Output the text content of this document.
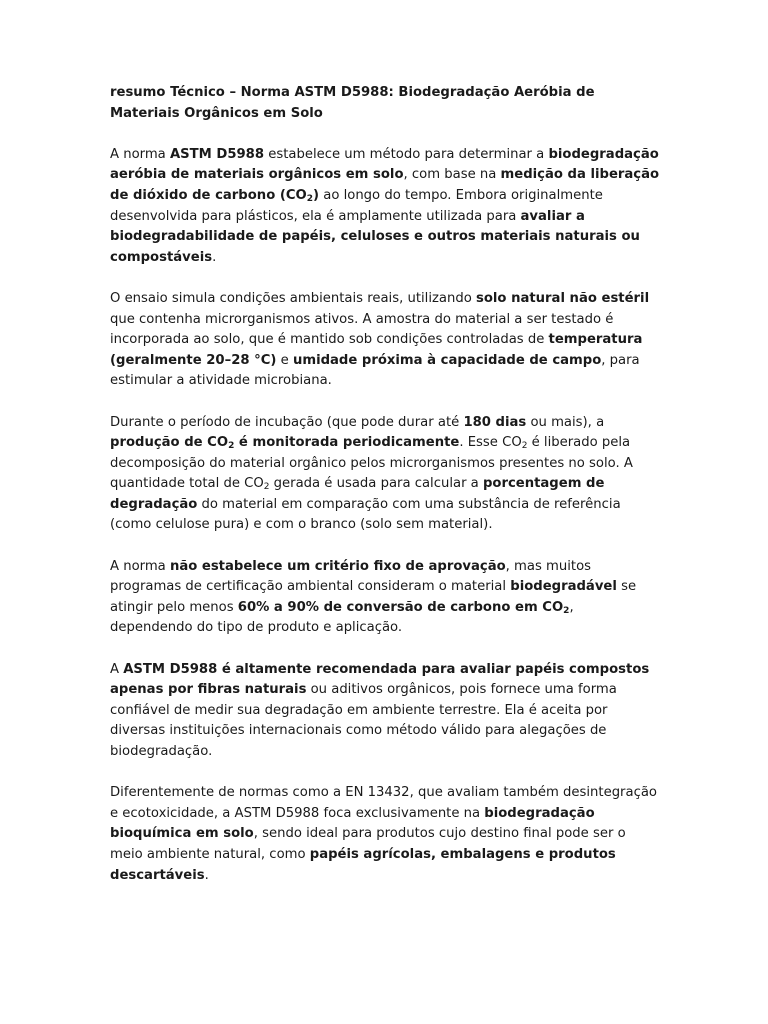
resumo Técnico – Norma ASTM D5988: Biodegradação Aeróbia de Materiais Orgânicos em Solo

A norma ASTM D5988 estabelece um método para determinar a biodegradação aeróbia de materiais orgânicos em solo, com base na medição da liberação de dióxido de carbono $(CO_2)$ ao longo do tempo. Embora originalmente desenvolvida para plásticos, ela é amplamente utilizada para avaliar a biodegradabilidade de papéis, celuloses e outros materiais naturais ou compostáveis.

O ensaio simula condições ambientais reais, utilizando solo natural não estéril que contenha microrganismos ativos. A amostra do material a ser testado é incorporada ao solo, que é mantido sob condições controladas de temperatura (geralmente 20–28 °C) e umidade próxima à capacidade de campo, para estimular a atividade microbiana.

Durante o período de incubação (que pode durar até 180 dias ou mais), a produção de $CO_2$ é monitorada periodicamente. Esse $CO_2$ é liberado pela decomposição do material orgânico pelos microrganismos presentes no solo. A quantidade total de $CO_2$ gerada é usada para calcular a porcentagem de degradação do material em comparação com uma substância de referência (como celulose pura) e com o branco (solo sem material).

A norma não estabelece um critério fixo de aprovação, mas muitos programas de certificação ambiental consideram o material biodegradável se atingir pelo menos 60% a 90% de conversão de carbono em $CO_2$, dependendo do tipo de produto e aplicação.

A ASTM D5988 é altamente recomendada para avaliar papéis compostos apenas por fibras naturais ou aditivos orgânicos, pois fornece uma forma confiável de medir sua degradação em ambiente terrestre. Ela é aceita por diversas instituições internacionais como método válido para alegações de biodegradação.

Diferentemente de normas como a EN 13432, que avaliam também desintegração e ecotoxicidade, a ASTM D5988 foca exclusivamente na biodegradação bioquímica em solo, sendo ideal para produtos cujo destino final pode ser o meio ambiente natural, como papéis agrícolas, embalagens e produtos descartáveis.
